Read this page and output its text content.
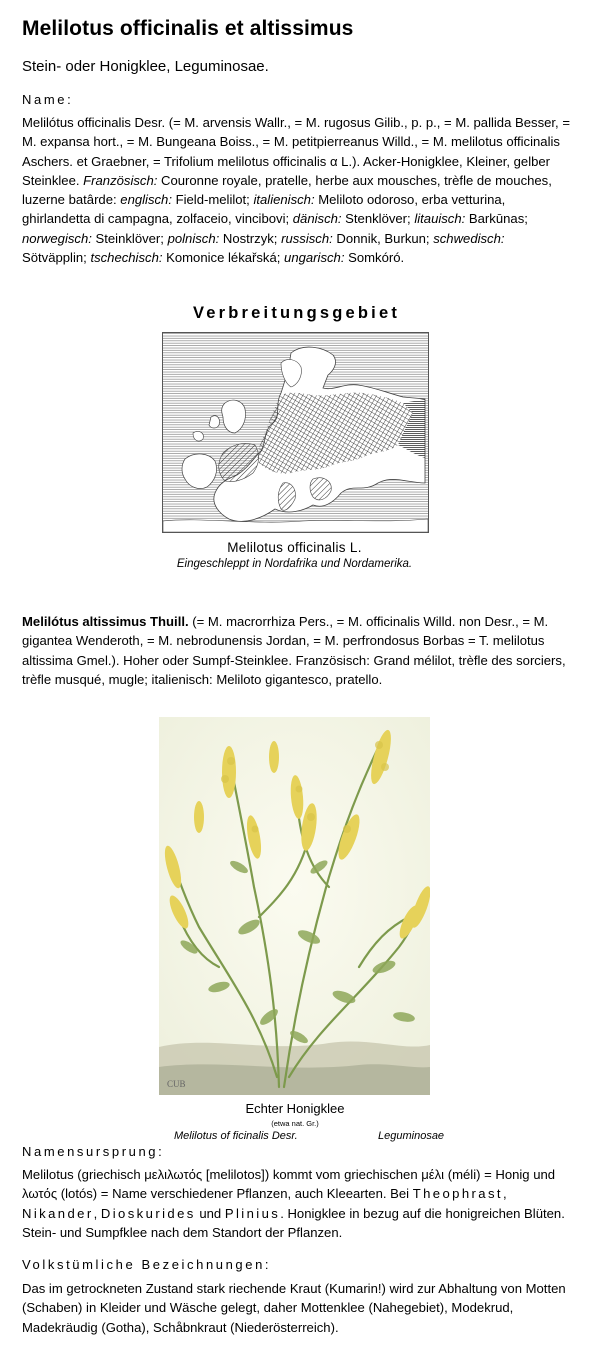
Melilotus officinalis et altissimus
Stein- oder Honigklee, Leguminosae.
Name:
Melilótus officinalis Desr. (= M. arvensis Wallr., = M. rugosus Gilib., p. p., = M. pallida Besser, = M. expansa hort., = M. Bungeana Boiss., = M. petitpierreanus Willd., = M. melilotus officinalis Aschers. et Graebner, = Trifolium melilotus officinalis α L.). Acker-Honigklee, Kleiner, gelber Steinklee. Französisch: Couronne royale, pratelle, herbe aux mousches, trèfle de mouches, luzerne batârde: englisch: Field-melilot; italienisch: Meliloto odoroso, erba vetturina, ghirlandetta di campagna, zolfaceio, vincibovi; dänisch: Stenklöver; litauisch: Barkūnas; norwegisch: Steinklöver; polnisch: Nostrzyk; russisch: Donnik, Burkun; schwedisch: Sötväpplin; tschechisch: Komonice lékařská; ungarisch: Somkóró.
Verbreitungsgebiet
Melilotus officinalis L.
Eingeschleppt in Nordafrika und Nordamerika.
Melilótus altissimus Thuill. (= M. macrorrhiza Pers., = M. officinalis Willd. non Desr., = M. gigantea Wenderoth, = M. nebrodunensis Jordan, = M. perfrondosus Borbas = T. melilotus altissima Gmel.). Hoher oder Sumpf-Steinklee. Französisch: Grand mélilot, trèfle des sorciers, trèfle musqué, mugle; italienisch: Meliloto gigantesco, pratello.
CUB
Echter Honigklee
(etwa nat. Gr.)
Melilotus of ficinalis Desr.	Leguminosae
Namensursprung:
Melilotus (griechisch μελιλωτός [melilotos]) kommt vom griechischen μέλι (méli) = Honig und λωτός (lotós) = Name verschiedener Pflanzen, auch Kleearten. Bei Theophrast, Nikander, Dioskurides und Plinius. Honigklee in bezug auf die honigreichen Blüten. Stein- und Sumpfklee nach dem Standort der Pflanzen.
Volkstümliche Bezeichnungen:
Das im getrockneten Zustand stark riechende Kraut (Kumarin!) wird zur Abhaltung von Motten (Schaben) in Kleider und Wäsche gelegt, daher Mottenklee (Nahegebiet), Modekrud, Madekräudig (Gotha), Schåbnkraut (Niederösterreich).
